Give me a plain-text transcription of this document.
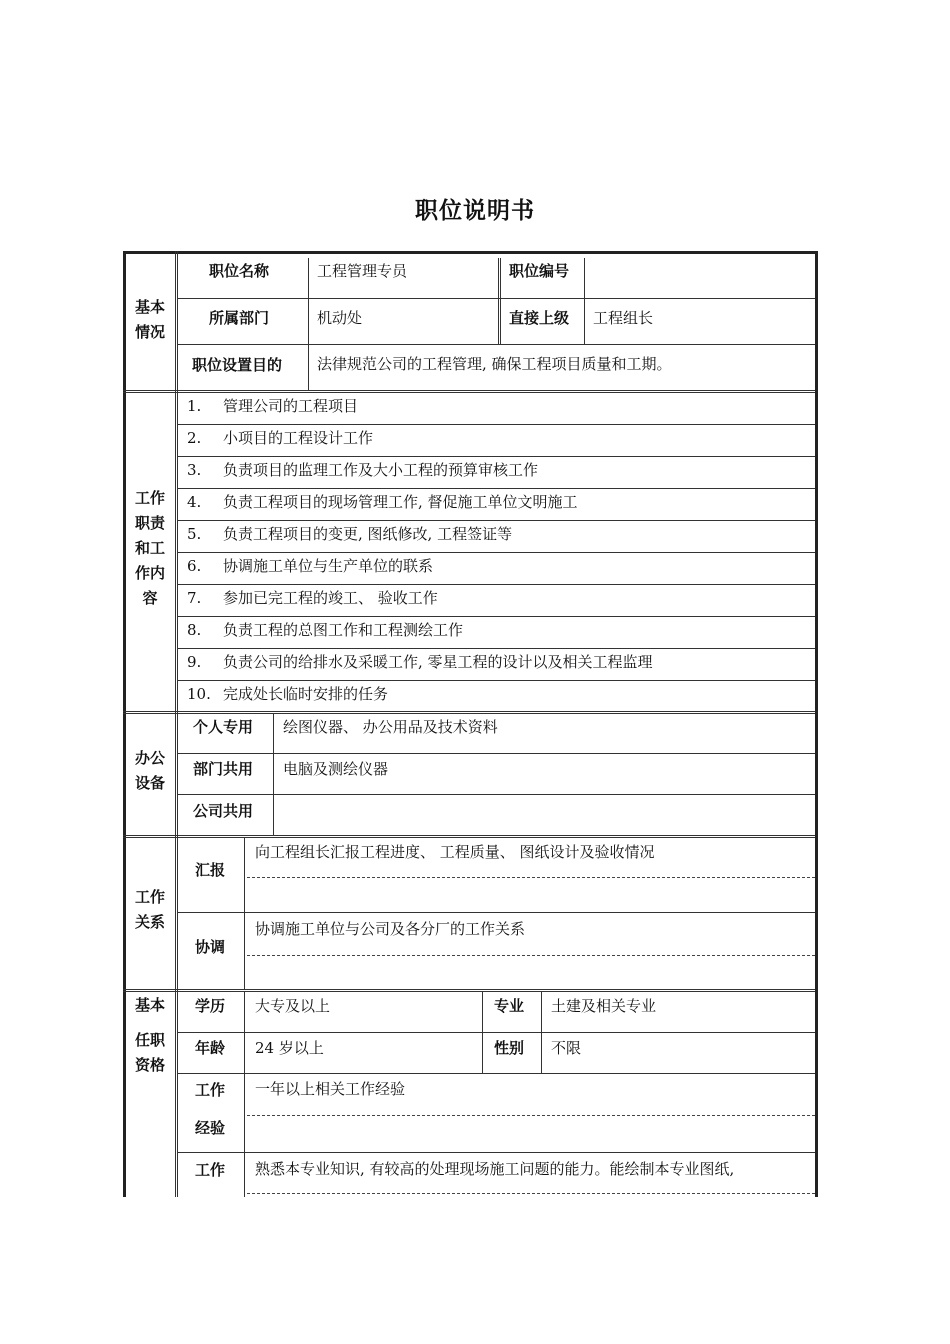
职位说明书
基本
情况
职位名称	工程管理专员	职位编号
所属部门	机动处	直接上级 工程组长
职位设置目的 法律规范公司的工程管理, 确保工程项目质量和工期。
工作
职责
和工
作内
容
1. 管理公司的工程项目
2. 小项目的工程设计工作
3. 负责项目的监理工作及大小工程的预算审核工作
4. 负责工程项目的现场管理工作, 督促施工单位文明施工
5. 负责工程项目的变更, 图纸修改, 工程签证等
6. 协调施工单位与生产单位的联系
7. 参加已完工程的竣工、 验收工作
8. 负责工程的总图工作和工程测绘工作
9. 负责公司的给排水及采暖工作, 零星工程的设计以及相关工程监理
10. 完成处长临时安排的任务
办公
设备
个人专用 绘图仪器、 办公用品及技术资料
部门共用 电脑及测绘仪器
公司共用
工作
关系
汇报
向工程组长汇报工程进度、 工程质量、 图纸设计及验收情况
协调
协调施工单位与公司及各分厂的工作关系
基本
任职
资格
学历 大专及以上	专业 土建及相关专业
年龄 24 岁以上	性别 不限
工作
经验
一年以上相关工作经验
工作 熟悉本专业知识, 有较高的处理现场施工问题的能力。能绘制本专业图纸,
